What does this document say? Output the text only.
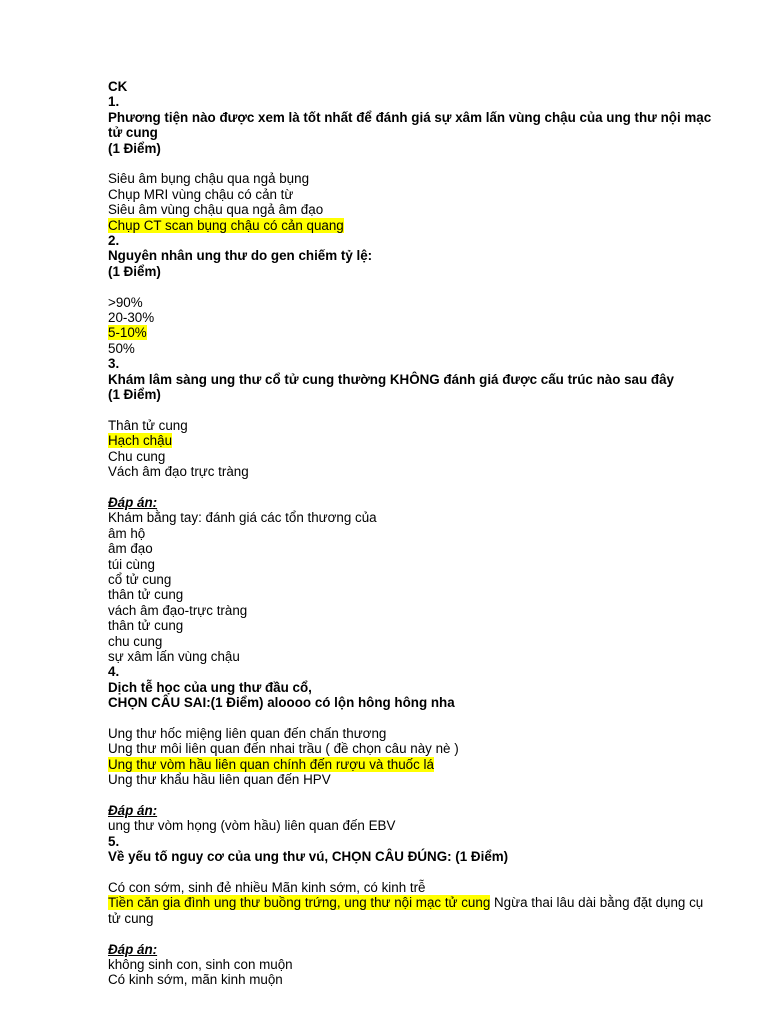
CK
1.
Phương tiện nào được xem là tốt nhất để đánh giá sự xâm lấn vùng chậu của ung thư nội mạc tử cung
(1 Điểm)
Siêu âm bụng chậu qua ngả bụng
Chụp MRI vùng chậu có cản từ
Siêu âm vùng chậu qua ngả âm đạo
Chụp CT scan bụng chậu có cản quang
2.
Nguyên nhân ung thư do gen chiếm tỷ lệ:
(1 Điểm)
>90%
20-30%
5-10%
50%
3.
Khám lâm sàng ung thư cổ tử cung thường KHÔNG đánh giá được cấu trúc nào sau đây
(1 Điểm)
Thân tử cung
Hạch chậu
Chu cung
Vách âm đạo trực tràng
Đáp án:
Khám bằng tay: đánh giá các tổn thương của
âm hộ
âm đạo
túi cùng
cổ tử cung
thân tử cung
vách âm đạo-trực tràng
thân tử cung
chu cung
sự xâm lấn vùng chậu
4.
Dịch tễ học của ung thư đầu cổ,
CHỌN CÂU SAI:(1 Điểm) aloooo có lộn hông hông nha
Ung thư hốc miệng liên quan đến chấn thương
Ung thư môi liên quan đến nhai trầu ( đề chọn câu này nè )
Ung thư vòm hầu liên quan chính đến rượu và thuốc lá
Ung thư khẩu hầu liên quan đến HPV
Đáp án:
ung thư vòm họng (vòm hầu) liên quan đến EBV
5.
Về yếu tố nguy cơ của ung thư vú, CHỌN CÂU ĐÚNG: (1 Điểm)
Có con sớm, sinh đẻ nhiều Mãn kinh sớm, có kinh trễ
Tiền căn gia đình ung thư buồng trứng, ung thư nội mạc tử cung Ngừa thai lâu dài bằng đặt dụng cụ tử cung
Đáp án:
không sinh con, sinh con muộn
Có kinh sớm, mãn kinh muộn
